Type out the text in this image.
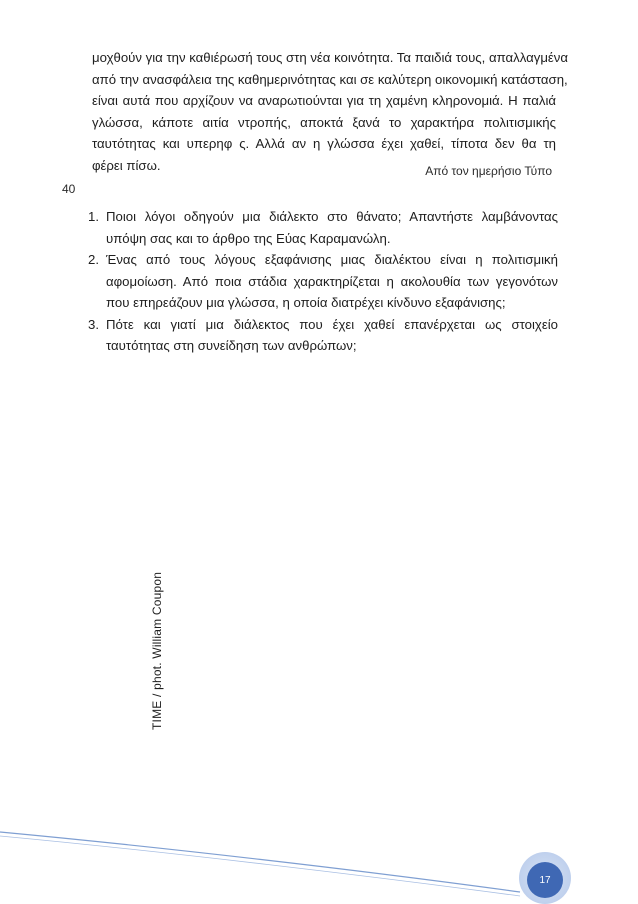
μοχθούν για την καθιέρωσή τους στη νέα κοινότητα. Τα παιδιά τους, απαλλαγμένα
από την ανασφάλεια της καθημερινότητας και σε καλύτερη οικονομική κατάσταση,
είναι αυτά που αρχίζουν να αναρωτιούνται για τη χαμένη κληρονομιά. Η παλιά
γλώσσα, κάποτε αιτία ντροπής, αποκτά ξανά το χαρακτήρα πολιτισμικής
ταυτότητας και υπερηφ ς. Αλλά αν η γλώσσα έχει χαθεί, τίποτα δεν θα τη
φέρει πίσω.	Από τον ημερήσιο Τύπο
40
1. Ποιοι λόγοι οδηγούν μια διάλεκτο στο θάνατο; Απαντήστε λαμβάνοντας υπόψη σας και το άρθρο της Εύας Καραμανώλη.
2. Ένας από τους λόγους εξαφάνισης μιας διαλέκτου είναι η πολιτισμική αφομοίωση. Από ποια στάδια χαρακτηρίζεται η ακολουθία των γεγονότων που επηρεάζουν μια γλώσσα, η οποία διατρέχει κίνδυνο εξαφάνισης;
3. Πότε και γιατί μια διάλεκτος που έχει χαθεί επανέρχεται ως στοιχείο ταυτότητας στη συνείδηση των ανθρώπων;
TIME / phot. William Coupon
17
